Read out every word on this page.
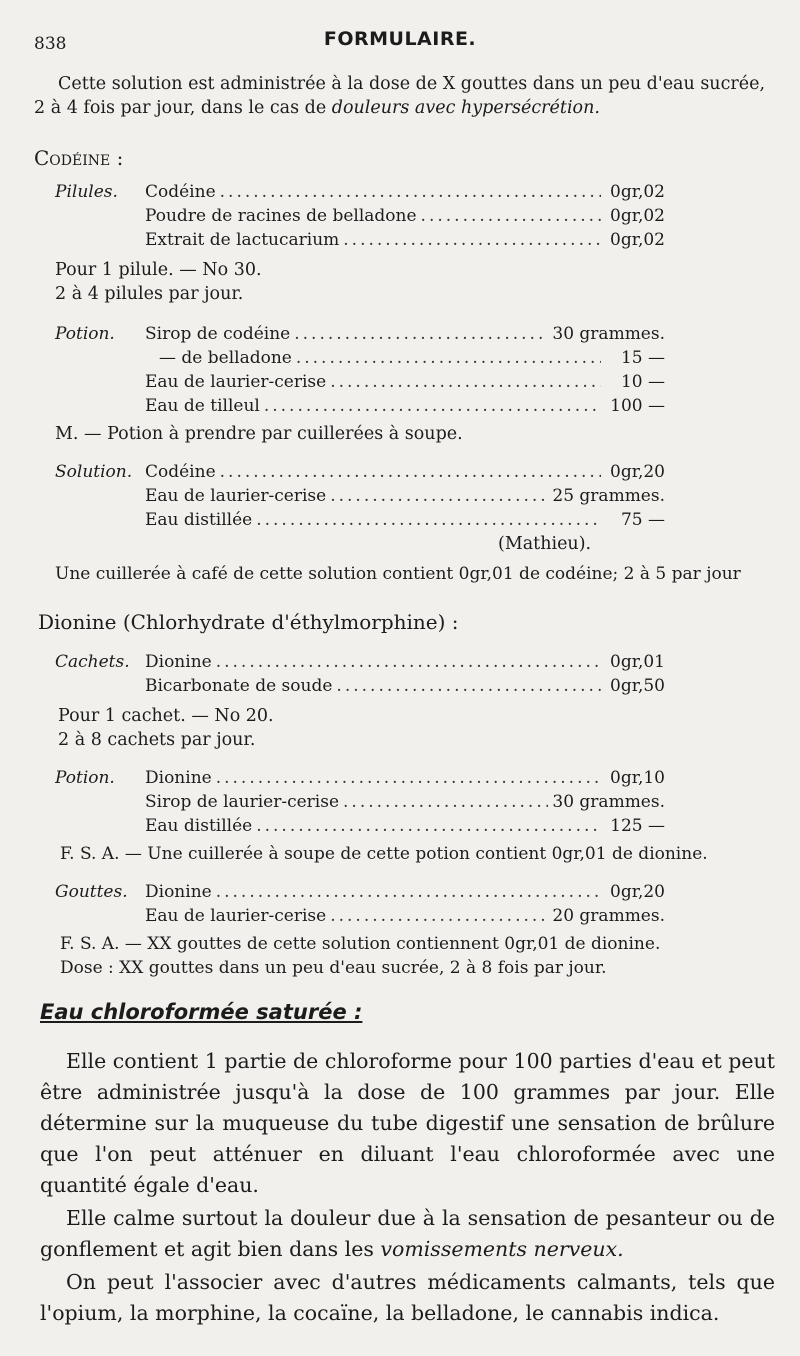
838	FORMULAIRE.
Cette solution est administrée à la dose de X gouttes dans un peu d'eau sucrée,
2 à 4 fois par jour, dans le cas de douleurs avec hypersécrétion.
Codéine :
Pilules.	Codéine .....	0gr,02
Poudre de racines de belladone .....	0gr,02
Extrait de lactucarium .....	0gr,02
Pour 1 pilule. — No 30.
2 à 4 pilules par jour.
Potion.	Sirop de codéine .....	30 grammes.
— de belladone .....	15 —
Eau de laurier-cerise .....	10 —
Eau de tilleul .....	100 —
M. — Potion à prendre par cuillerées à soupe.
Solution. Codéine .....	0gr,20
Eau de laurier-cerise .....	25 grammes.
Eau distillée .....	75 —
(Mathieu).
Une cuillerée à café de cette solution contient 0gr,01 de codéine; 2 à 5 par jour
Dionine (Chlorhydrate d'éthylmorphine) :
Cachets. Dionine .....	0gr,01
Bicarbonate de soude .....	0gr,50
Pour 1 cachet. — No 20.
2 à 8 cachets par jour.
Potion.	Dionine .....	0gr,10
Sirop de laurier-cerise .....	30 grammes.
Eau distillée .....	125 —
F. S. A. — Une cuillerée à soupe de cette potion contient 0gr,01 de dionine.
Gouttes.	Dionine .....	0gr,20
Eau de laurier-cerise .....	20 grammes.
F. S. A. — XX gouttes de cette solution contiennent 0gr,01 de dionine.
Dose : XX gouttes dans un peu d'eau sucrée, 2 à 8 fois par jour.
Eau chloroformée saturée :

Elle contient 1 partie de chloroforme pour 100 parties d'eau et peut être administrée jusqu'à la dose de 100 grammes par jour. Elle détermine sur la muqueuse du tube digestif une sensation de brûlure que l'on peut atténuer en diluant l'eau chloroformée avec une quantité égale d'eau.

Elle calme surtout la douleur due à la sensation de pesanteur ou de gonflement et agit bien dans les vomissements nerveux.

On peut l'associer avec d'autres médicaments calmants, tels que l'opium, la morphine, la cocaïne, la belladone, le cannabis indica.
